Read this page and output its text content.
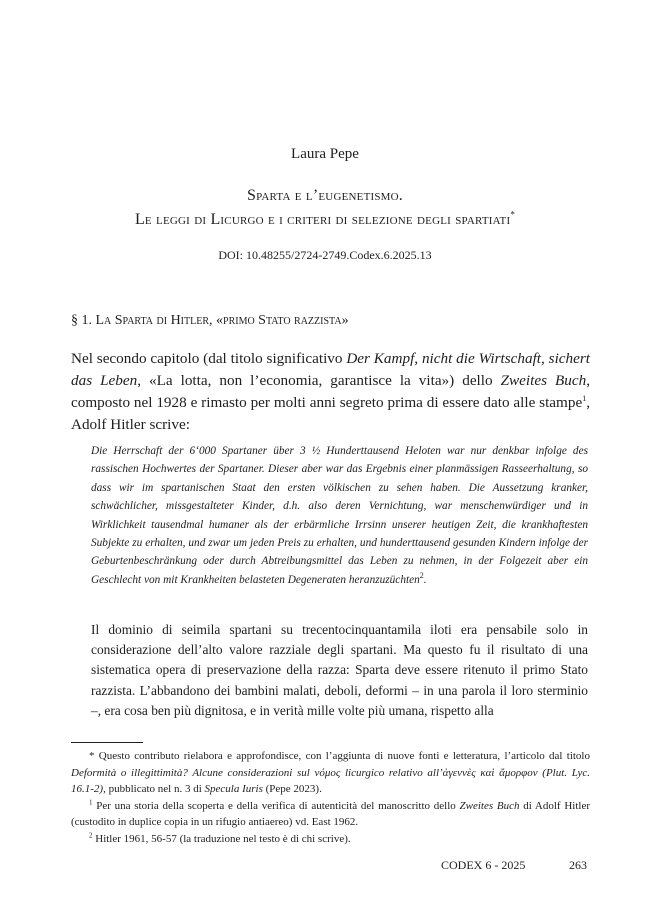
Laura Pepe
Sparta e l’eugenetismo.
Le leggi di Licurgo e i criteri di selezione degli spartiati*
DOI: 10.48255/2724-2749.Codex.6.2025.13
§ 1. La Sparta di Hitler, «primo Stato razzista»

Nel secondo capitolo (dal titolo significativo Der Kampf, nicht die Wirtschaft, sichert das Leben, «La lotta, non l’economia, garantisce la vita») dello Zweites Buch, composto nel 1928 e rimasto per molti anni segreto prima di essere dato alle stampe$^1$, Adolf Hitler scrive:

Die Herrschaft der 6‘000 Spartaner über 3 ½ Hunderttausend Heloten war nur denkbar infolge des rassischen Hochwertes der Spartaner. Dieser aber war das Ergebnis einer planmässigen Rasseerhaltung, so dass wir im spartanischen Staat den ersten völkischen zu sehen haben. Die Aussetzung kranker, schwächlicher, missgestalteter Kinder, d.h. also deren Vernichtung, war menschenwürdiger und in Wirklichkeit tausendmal humaner als der erbärmliche Irrsinn unserer heutigen Zeit, die krankhaftesten Subjekte zu erhalten, und zwar um jeden Preis zu erhalten, und hunderttausend gesunden Kindern infolge der Geburtenbeschränkung oder durch Abtreibungsmittel das Leben zu nehmen, in der Folgezeit aber ein Geschlecht von mit Krankheiten belasteten Degeneraten heranzuzüchten$^2$.
Il dominio di seimila spartani su trecentocinquantamila iloti era pensabile solo in considerazione dell’alto valore razziale degli spartani. Ma questo fu il risultato di una sistematica opera di preservazione della razza: Sparta deve essere ritenuto il primo Stato razzista. L’abbandono dei bambini malati, deboli, deformi – in una parola il loro sterminio –, era cosa ben più dignitosa, e in verità mille volte più umana, rispetto alla

* Questo contributo rielabora e approfondisce, con l’aggiunta di nuove fonti e letteratura, l’articolo dal titolo Deformità o illegittimità? Alcune considerazioni sul νόμος licurgico relativo all’ἀγεννὲς καὶ ἄμορφον (Plut. Lyc. 16.1-2), pubblicato nel n. 3 di Specula Iuris (Pepe 2023).

$^1$ Per una storia della scoperta e della verifica di autenticità del manoscritto dello Zweites Buch di Adolf Hitler (custodito in duplice copia in un rifugio antiaereo) vd. East 1962.

$^2$ Hitler 1961, 56-57 (la traduzione nel testo è di chi scrive).

CODEX 6 - 2025	263
